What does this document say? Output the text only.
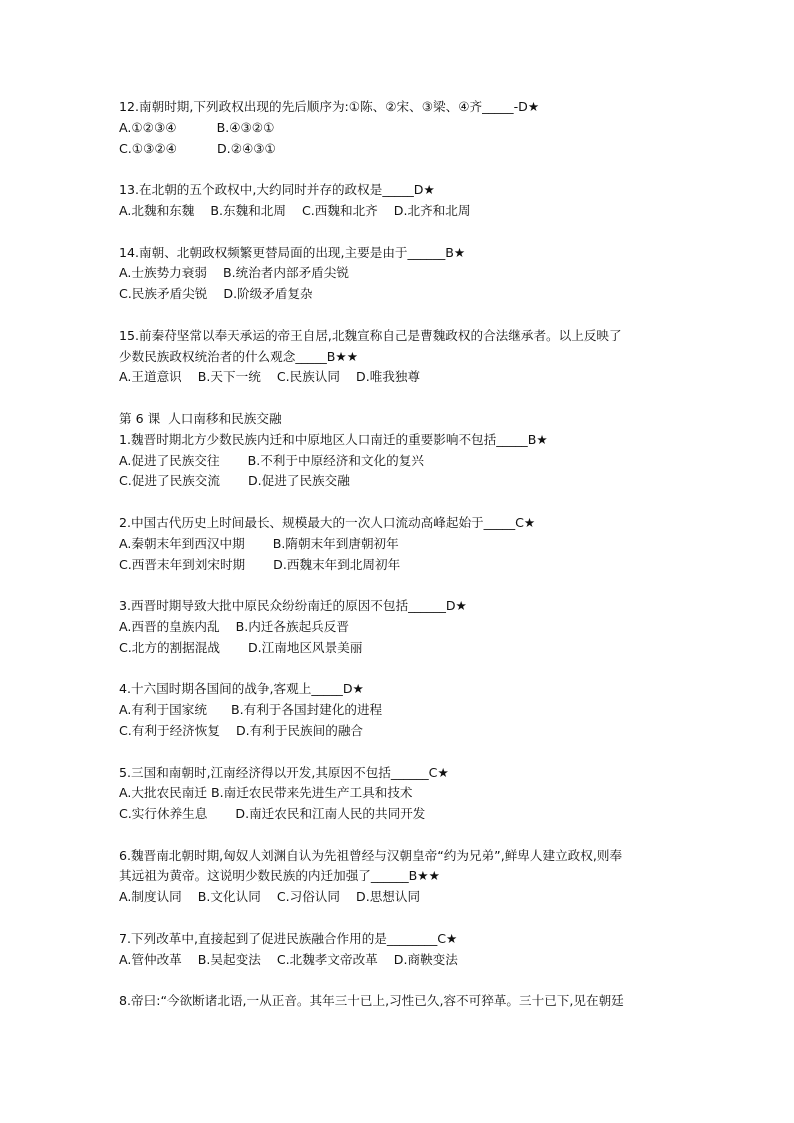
12.南朝时期,下列政权出现的先后顺序为:①陈、②宋、③梁、④齐_____-D★
A.①②③④          B.④③②①
C.①③②④          D.②④③①
13.在北朝的五个政权中,大约同时并存的政权是_____D★
A.北魏和东魏    B.东魏和北周    C.西魏和北齐    D.北齐和北周
14.南朝、北朝政权频繁更替局面的出现,主要是由于______B★
A.士族势力衰弱    B.统治者内部矛盾尖锐
C.民族矛盾尖锐    D.阶级矛盾复杂
15.前秦苻坚常以奉天承运的帝王自居,北魏宣称自己是曹魏政权的合法继承者。以上反映了
少数民族政权统治者的什么观念_____B★★
A.王道意识    B.天下一统    C.民族认同    D.唯我独尊
第 6 课  人口南移和民族交融
1.魏晋时期北方少数民族内迁和中原地区人口南迁的重要影响不包括_____B★
A.促进了民族交往       B.不利于中原经济和文化的复兴
C.促进了民族交流       D.促进了民族交融
2.中国古代历史上时间最长、规模最大的一次人口流动高峰起始于_____C★
A.秦朝末年到西汉中期       B.隋朝末年到唐朝初年
C.西晋末年到刘宋时期       D.西魏末年到北周初年
3.西晋时期导致大批中原民众纷纷南迁的原因不包括______D★
A.西晋的皇族内乱    B.内迁各族起兵反晋
C.北方的割据混战       D.江南地区风景美丽
4.十六国时期各国间的战争,客观上_____D★
A.有利于国家统      B.有利于各国封建化的进程
C.有利于经济恢复    D.有利于民族间的融合
5.三国和南朝时,江南经济得以开发,其原因不包括______C★
A.大批农民南迁 B.南迁农民带来先进生产工具和技术
C.实行休养生息       D.南迁农民和江南人民的共同开发
6.魏晋南北朝时期,匈奴人刘渊自认为先祖曾经与汉朝皇帝“约为兄弟”,鲜卑人建立政权,则奉
其远祖为黄帝。这说明少数民族的内迁加强了______B★★
A.制度认同    B.文化认同    C.习俗认同    D.思想认同
7.下列改革中,直接起到了促进民族融合作用的是________C★
A.管仲改革    B.吴起变法    C.北魏孝文帝改革    D.商鞅变法
8.帝曰:“今欲断诸北语,一从正音。其年三十已上,习性已久,容不可猝革。三十已下,见在朝廷
